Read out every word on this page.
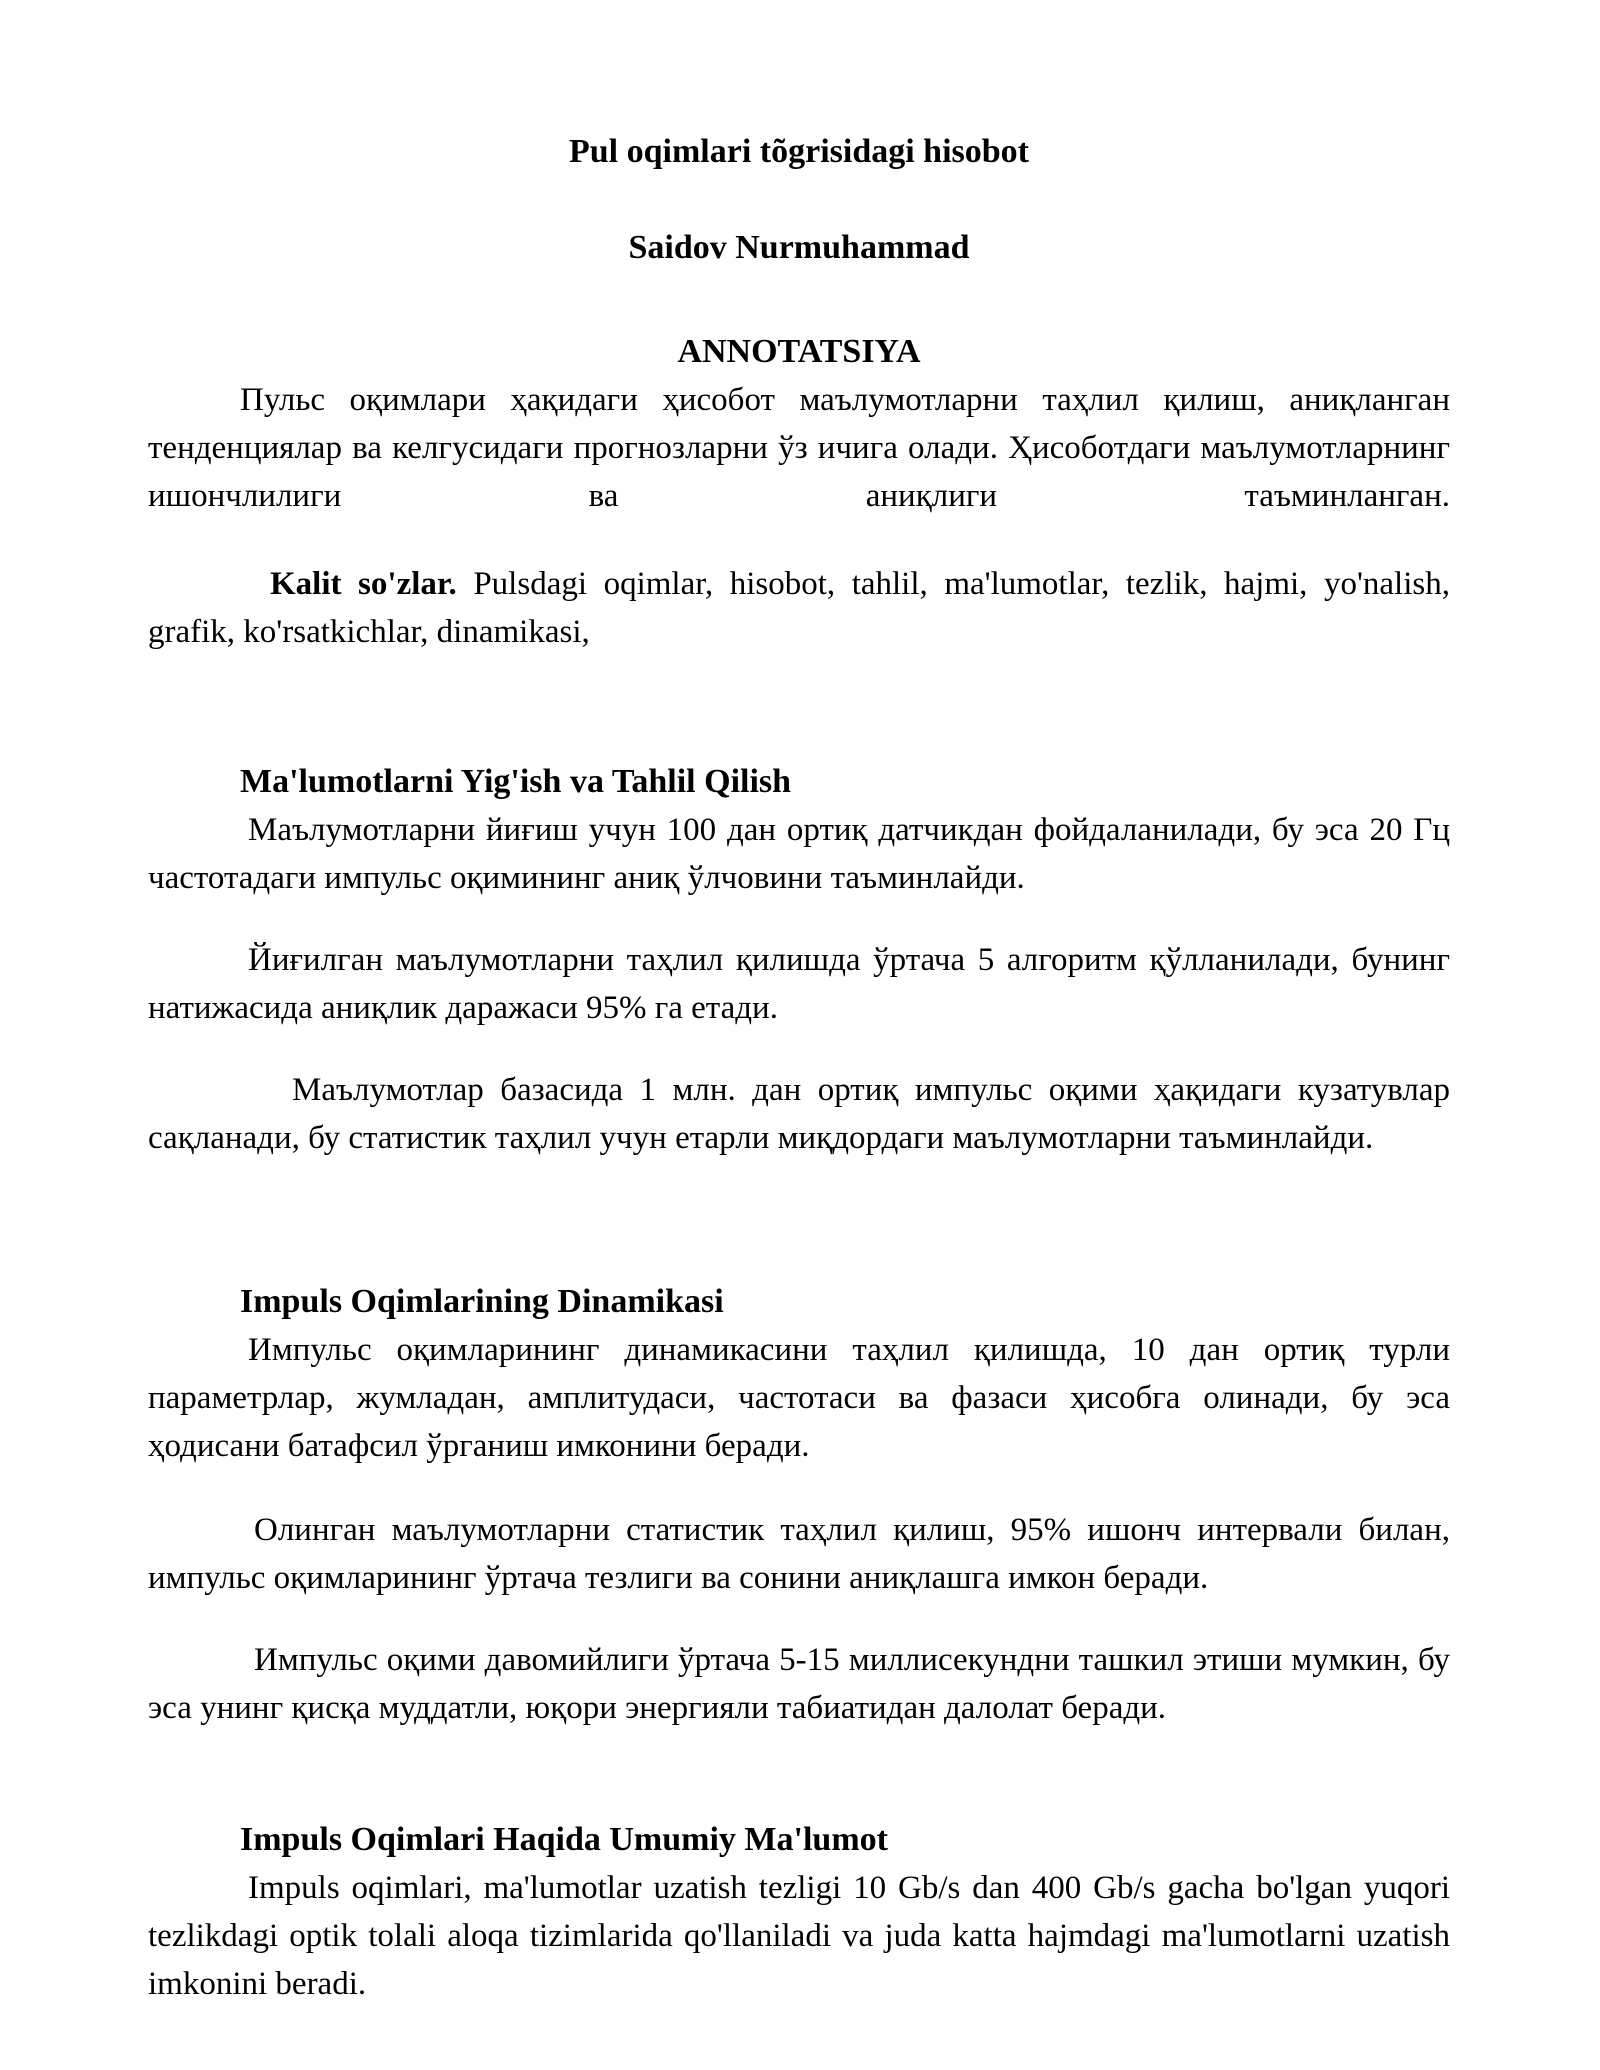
Pul oqimlari tõgrisidagi hisobot
Saidov Nurmuhammad
ANNOTATSIYA

Пульс оқимлари ҳақидаги ҳисобот маълумотларни таҳлил қилиш, аниқланган тенденциялар ва келгусидаги прогнозларни ўз ичига олади. Ҳисоботдаги маълумотларнинг ишончлилиги ва аниқлиги таъминланган.

Kalit so'zlar. Pulsdagi oqimlar, hisobot, tahlil, ma'lumotlar, tezlik, hajmi, yo'nalish, grafik, ko'rsatkichlar, dinamikasi,

Ma'lumotlarni Yig'ish va Tahlil Qilish

Маълумотларни йиғиш учун 100 дан ортиқ датчикдан фойдаланилади, бу эса 20 Гц частотадаги импульс оқимининг аниқ ўлчовини таъминлайди.

Йиғилган маълумотларни таҳлил қилишда ўртача 5 алгоритм қўлланилади, бунинг натижасида аниқлик даражаси 95% га етади.

Маълумотлар базасида 1 млн. дан ортиқ импульс оқими ҳақидаги кузатувлар сақланади, бу статистик таҳлил учун етарли миқдордаги маълумотларни таъминлайди.

Impuls Oqimlarining Dinamikasi

Импульс оқимларининг динамикасини таҳлил қилишда, 10 дан ортиқ турли параметрлар, жумладан, амплитудаси, частотаси ва фазаси ҳисобга олинади, бу эса ҳодисани батафсил ўрганиш имконини беради.

Олинган маълумотларни статистик таҳлил қилиш, 95% ишонч интервали билан, импульс оқимларининг ўртача тезлиги ва сонини аниқлашга имкон беради.

Импульс оқими давомийлиги ўртача 5-15 миллисекундни ташкил этиши мумкин, бу эса унинг қисқа муддатли, юқори энергияли табиатидан далолат беради.

Impuls Oqimlari Haqida Umumiy Ma'lumot

Impuls oqimlari, ma'lumotlar uzatish tezligi 10 Gb/s dan 400 Gb/s gacha bo'lgan yuqori tezlikdagi optik tolali aloqa tizimlarida qo'llaniladi va juda katta hajmdagi ma'lumotlarni uzatish imkonini beradi.
